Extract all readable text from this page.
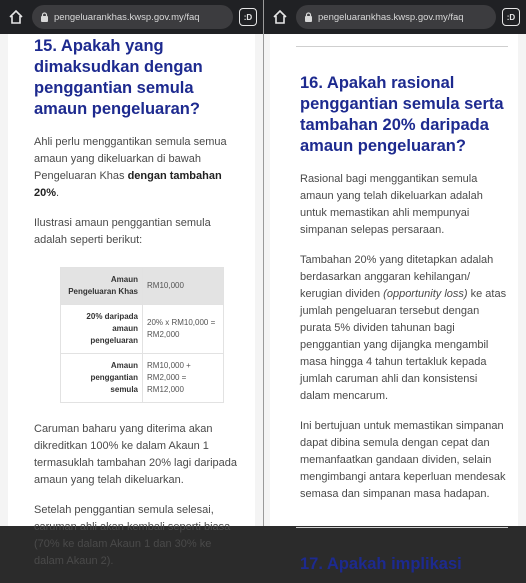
pengeluarankhas.kwsp.gov.my/faq	:D
15. Apakah yang dimaksudkan dengan penggantian semula amaun pengeluaran?

Ahli perlu menggantikan semula semua amaun yang dikeluarkan di bawah Pengeluaran Khas dengan tambahan 20%.

Ilustrasi amaun penggantian semula adalah seperti berikut:

Amaun Pengeluaran Khas	RM10,000
20% daripada amaun pengeluaran	20% x RM10,000 = RM2,000
Amaun penggantian semula	RM10,000 + RM2,000 = RM12,000

Caruman baharu yang diterima akan dikreditkan 100% ke dalam Akaun 1 termasuklah tambahan 20% lagi daripada amaun yang telah dikeluarkan.

Setelah penggantian semula selesai, caruman ahli akan kembali seperti biasa (70% ke dalam Akaun 1 dan 30% ke dalam Akaun 2).

pengeluarankhas.kwsp.gov.my/faq	:D
16. Apakah rasional penggantian semula serta tambahan 20% daripada amaun pengeluaran?

Rasional bagi menggantikan semula amaun yang telah dikeluarkan adalah untuk memastikan ahli mempunyai simpanan selepas persaraan.

Tambahan 20% yang ditetapkan adalah berdasarkan anggaran kehilangan/ kerugian dividen (opportunity loss) ke atas jumlah pengeluaran tersebut dengan purata 5% dividen tahunan bagi penggantian yang dijangka mengambil masa hingga 4 tahun tertakluk kepada jumlah caruman ahli dan konsistensi dalam mencarum.

Ini bertujuan untuk memastikan simpanan dapat dibina semula dengan cepat dan memanfaatkan gandaan dividen, selain mengimbangi antara keperluan mendesak semasa dan simpanan masa hadapan.

17. Apakah implikasi
